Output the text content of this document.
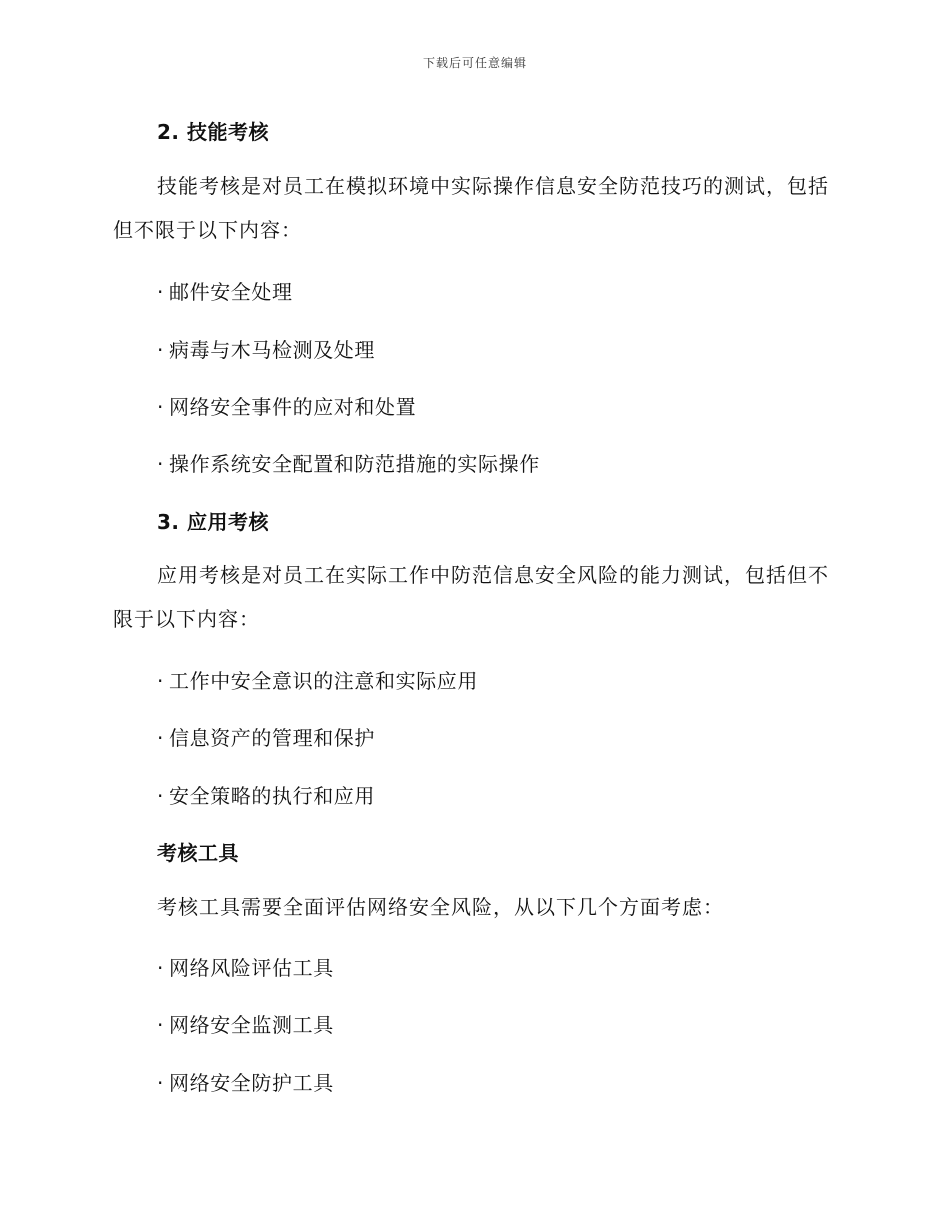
下载后可任意编辑
2. 技能考核
技能考核是对员工在模拟环境中实际操作信息安全防范技巧的测试，包括但不限于以下内容：
· 邮件安全处理
· 病毒与木马检测及处理
· 网络安全事件的应对和处置
· 操作系统安全配置和防范措施的实际操作
3. 应用考核
应用考核是对员工在实际工作中防范信息安全风险的能力测试，包括但不限于以下内容：
· 工作中安全意识的注意和实际应用
· 信息资产的管理和保护
· 安全策略的执行和应用
考核工具
考核工具需要全面评估网络安全风险，从以下几个方面考虑：
· 网络风险评估工具
· 网络安全监测工具
· 网络安全防护工具
